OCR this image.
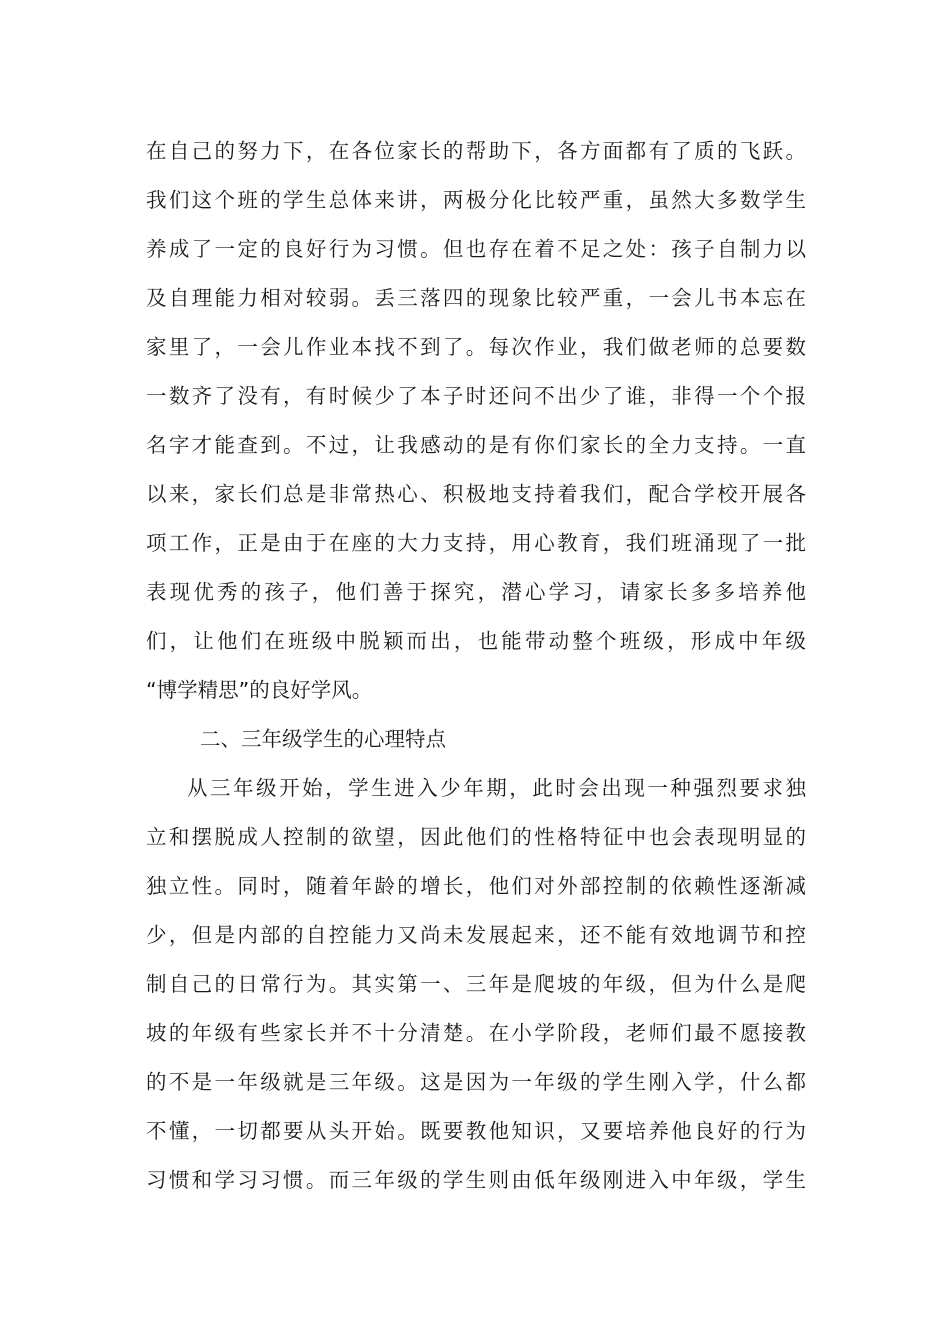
在自己的努力下，在各位家长的帮助下，各方面都有了质的飞跃。
我们这个班的学生总体来讲，两极分化比较严重，虽然大多数学生
养成了一定的良好行为习惯。但也存在着不足之处：孩子自制力以
及自理能力相对较弱。丢三落四的现象比较严重，一会儿书本忘在
家里了，一会儿作业本找不到了。每次作业，我们做老师的总要数
一数齐了没有，有时候少了本子时还问不出少了谁，非得一个个报
名字才能查到。不过，让我感动的是有你们家长的全力支持。一直
以来，家长们总是非常热心、积极地支持着我们，配合学校开展各
项工作，正是由于在座的大力支持，用心教育，我们班涌现了一批
表现优秀的孩子，他们善于探究，潜心学习，请家长多多培养他
们，让他们在班级中脱颖而出，也能带动整个班级，形成中年级
“博学精思”的良好学风。
二、三年级学生的心理特点
从三年级开始，学生进入少年期，此时会出现一种强烈要求独
立和摆脱成人控制的欲望，因此他们的性格特征中也会表现明显的
独立性。同时，随着年龄的增长，他们对外部控制的依赖性逐渐减
少，但是内部的自控能力又尚未发展起来，还不能有效地调节和控
制自己的日常行为。其实第一、三年是爬坡的年级，但为什么是爬
坡的年级有些家长并不十分清楚。在小学阶段，老师们最不愿接教
的不是一年级就是三年级。这是因为一年级的学生刚入学，什么都
不懂，一切都要从头开始。既要教他知识，又要培养他良好的行为
习惯和学习习惯。而三年级的学生则由低年级刚进入中年级，学生
